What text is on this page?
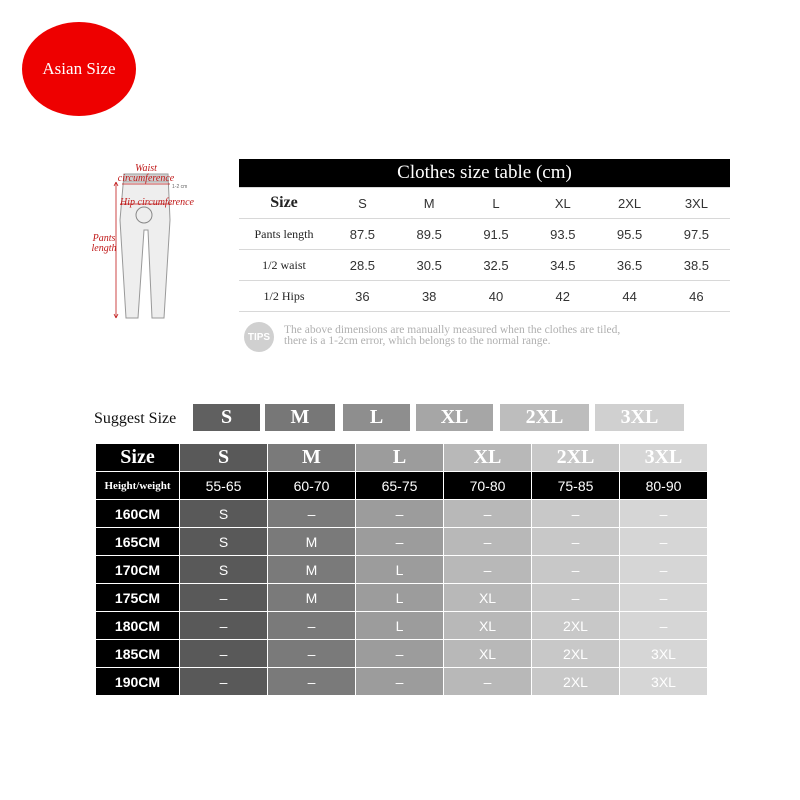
Asian Size
1-2 cm
Waist circumference
Hip circumference
Pants length
Clothes size table (cm)
Size	S	M	L	XL	2XL	3XL
Pants length	87.5	89.5	91.5	93.5	95.5	97.5
1/2 waist	28.5	30.5	32.5	34.5	36.5	38.5
1/2 Hips	36	38	40	42	44	46
TIPS
The above dimensions are manually measured when the clothes are tiled,
there is a 1-2cm error, which belongs to the normal range.
Suggest Size	S	M	L	XL	2XL	3XL
Size	S	M	L	XL	2XL	3XL
Height/weight	55-65	60-70	65-75	70-80	75-85	80-90
160CM	S	–	–	–	–	–
165CM	S	M	–	–	–	–
170CM	S	M	L	–	–	–
175CM	–	M	L	XL	–	–
180CM	–	–	L	XL	2XL	–
185CM	–	–	–	XL	2XL	3XL
190CM	–	–	–	–	2XL	3XL
